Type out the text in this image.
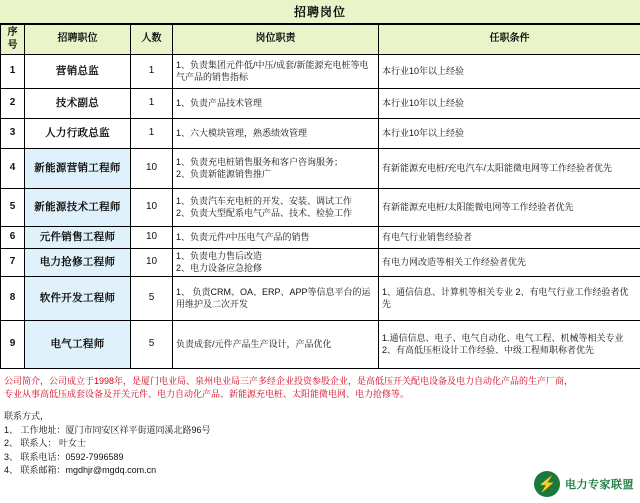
招聘岗位
序号	招聘职位	人数	岗位职责	任职条件
1	营销总监	1	1、负责集团元件低/中压/成套/新能源充电桩等电气产品的销售指标	本行业10年以上经验

2	技术副总	1	1、负责产品技术管理	本行业10年以上经验

3	人力行政总监	1	1、六大模块管理，熟悉绩效管理	本行业10年以上经验

4	新能源营销工程师	10	1、负责充电桩销售服务和客户咨询服务；
2、负责新能源销售推广	有新能源充电桩/充电汽车/太阳能微电网等工作经验者优先

5	新能源技术工程师	10	1、负责汽车充电桩的开发、安装、调试工作
2、负责大型配系电气产品、技术、检验工作	有新能源充电桩/太阳能微电网等工作经验者优先

6	元件销售工程师	10	1、负责元件/中压电气产品的销售	有电气行业销售经验者

7	电力抢修工程师	10	1、负责电力售后改造
2、电力设备应急抢修	有电力网改造等相关工作经验者优先

8	软件开发工程师	5	1、 负责CRM、OA、ERP、APP等信息平台的运用维护及二次开发	1、通信信息、计算机等相关专业 2、有电气行业工作经验者优先

9	电气工程师	5	负责成套/元件产品生产设计，产品优化	1.通信信息、电子、电气自动化、电气工程、机械等相关专业 2、有高低压柜设计工作经验、中级工程师职称者优先

公司简介，公司成立于1998年，是厦门电业局、泉州电业局三产多经企业投资参股企业，是高低压开关配电设备及电力自动化产品的生产厂商，

专业从事高低压成套设备及开关元件、电力自动化产品、新能源充电桩、太阳能微电网、电力抢修等。

联系方式，

1、 工作地址：厦门市同安区祥平街道同溪北路96号

2、 联系人： 叶女士

3、 联系电话：0592-7996589

4、 联系邮箱：mgdhjr@mgdq.com.cn

⚡ 电力专家联盟
